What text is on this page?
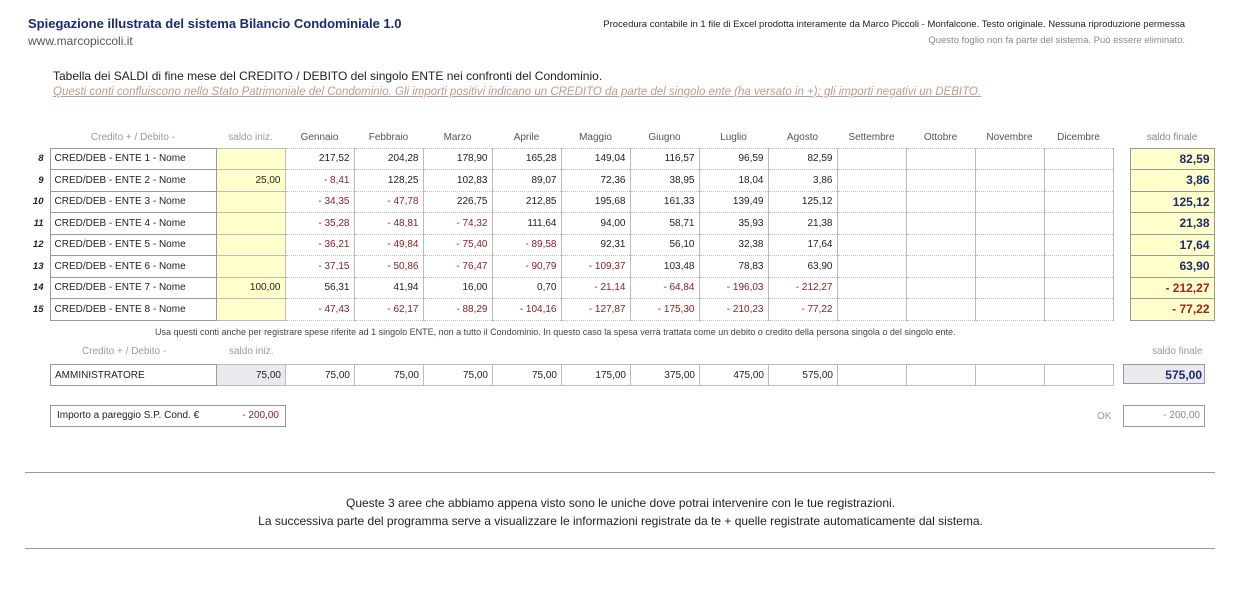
Spiegazione illustrata del sistema Bilancio Condominiale 1.0
www.marcopiccoli.it
Procedura contabile in 1 file di Excel prodotta interamente da Marco Piccoli - Monfalcone. Testo originale. Nessuna riproduzione permessa
Questo foglio non fa parte del sistema. Può essere eliminato.
Tabella dei SALDI di fine mese del CREDITO / DEBITO del singolo ENTE nei confronti del Condominio.
Questi conti confluiscono nello Stato Patrimoniale del Condominio. Gli importi positivi indicano un CREDITO da parte del singolo ente (ha versato in +); gli importi negativi un DEBITO.
	Credito + / Debito -	saldo iniz.	Gennaio	Febbraio	Marzo	Aprile	Maggio	Giugno	Luglio	Agosto	Settembre	Ottobre	Novembre	Dicembre		saldo finale
8	CRED/DEB - ENTE 1 - Nome		217,52	204,28	178,90	165,28	149,04	116,57	96,59	82,59						82,59
9	CRED/DEB - ENTE 2 - Nome	25,00	- 8,41	128,25	102,83	89,07	72,36	38,95	18,04	3,86						3,86
10	CRED/DEB - ENTE 3 - Nome		- 34,35	- 47,78	226,75	212,85	195,68	161,33	139,49	125,12						125,12
11	CRED/DEB - ENTE 4 - Nome		- 35,28	- 48,81	- 74,32	111,64	94,00	58,71	35,93	21,38						21,38
12	CRED/DEB - ENTE 5 - Nome		- 36,21	- 49,84	- 75,40	- 89,58	92,31	56,10	32,38	17,64						17,64
13	CRED/DEB - ENTE 6 - Nome		- 37,15	- 50,86	- 76,47	- 90,79	- 109,37	103,48	78,83	63,90						63,90
14	CRED/DEB - ENTE 7 - Nome	100,00	56,31	41,94	16,00	0,70	- 21,14	- 64,84	- 196,03	- 212,27						- 212,27
15	CRED/DEB - ENTE 8 - Nome		- 47,43	- 62,17	- 88,29	- 104,16	- 127,87	- 175,30	- 210,23	- 77,22						- 77,22
Usa questi conti anche per registrare spese riferite ad 1 singolo ENTE, non a tutto il Condominio. In questo caso la spesa verrà trattata come un debito o credito della persona singola o del singolo ente.
Credito + / Debito -	saldo iniz.	saldo finale
AMMINISTRATORE	75,00	75,00	75,00	75,00	75,00	175,00	375,00	475,00	575,00					575,00
Importo a pareggio S.P. Cond. €	- 200,00	OK	- 200,00
Queste 3 aree che abbiamo appena visto sono le uniche dove potrai intervenire con le tue registrazioni.
La successiva parte del programma serve a visualizzare le informazioni registrate da te + quelle registrate automaticamente dal sistema.
